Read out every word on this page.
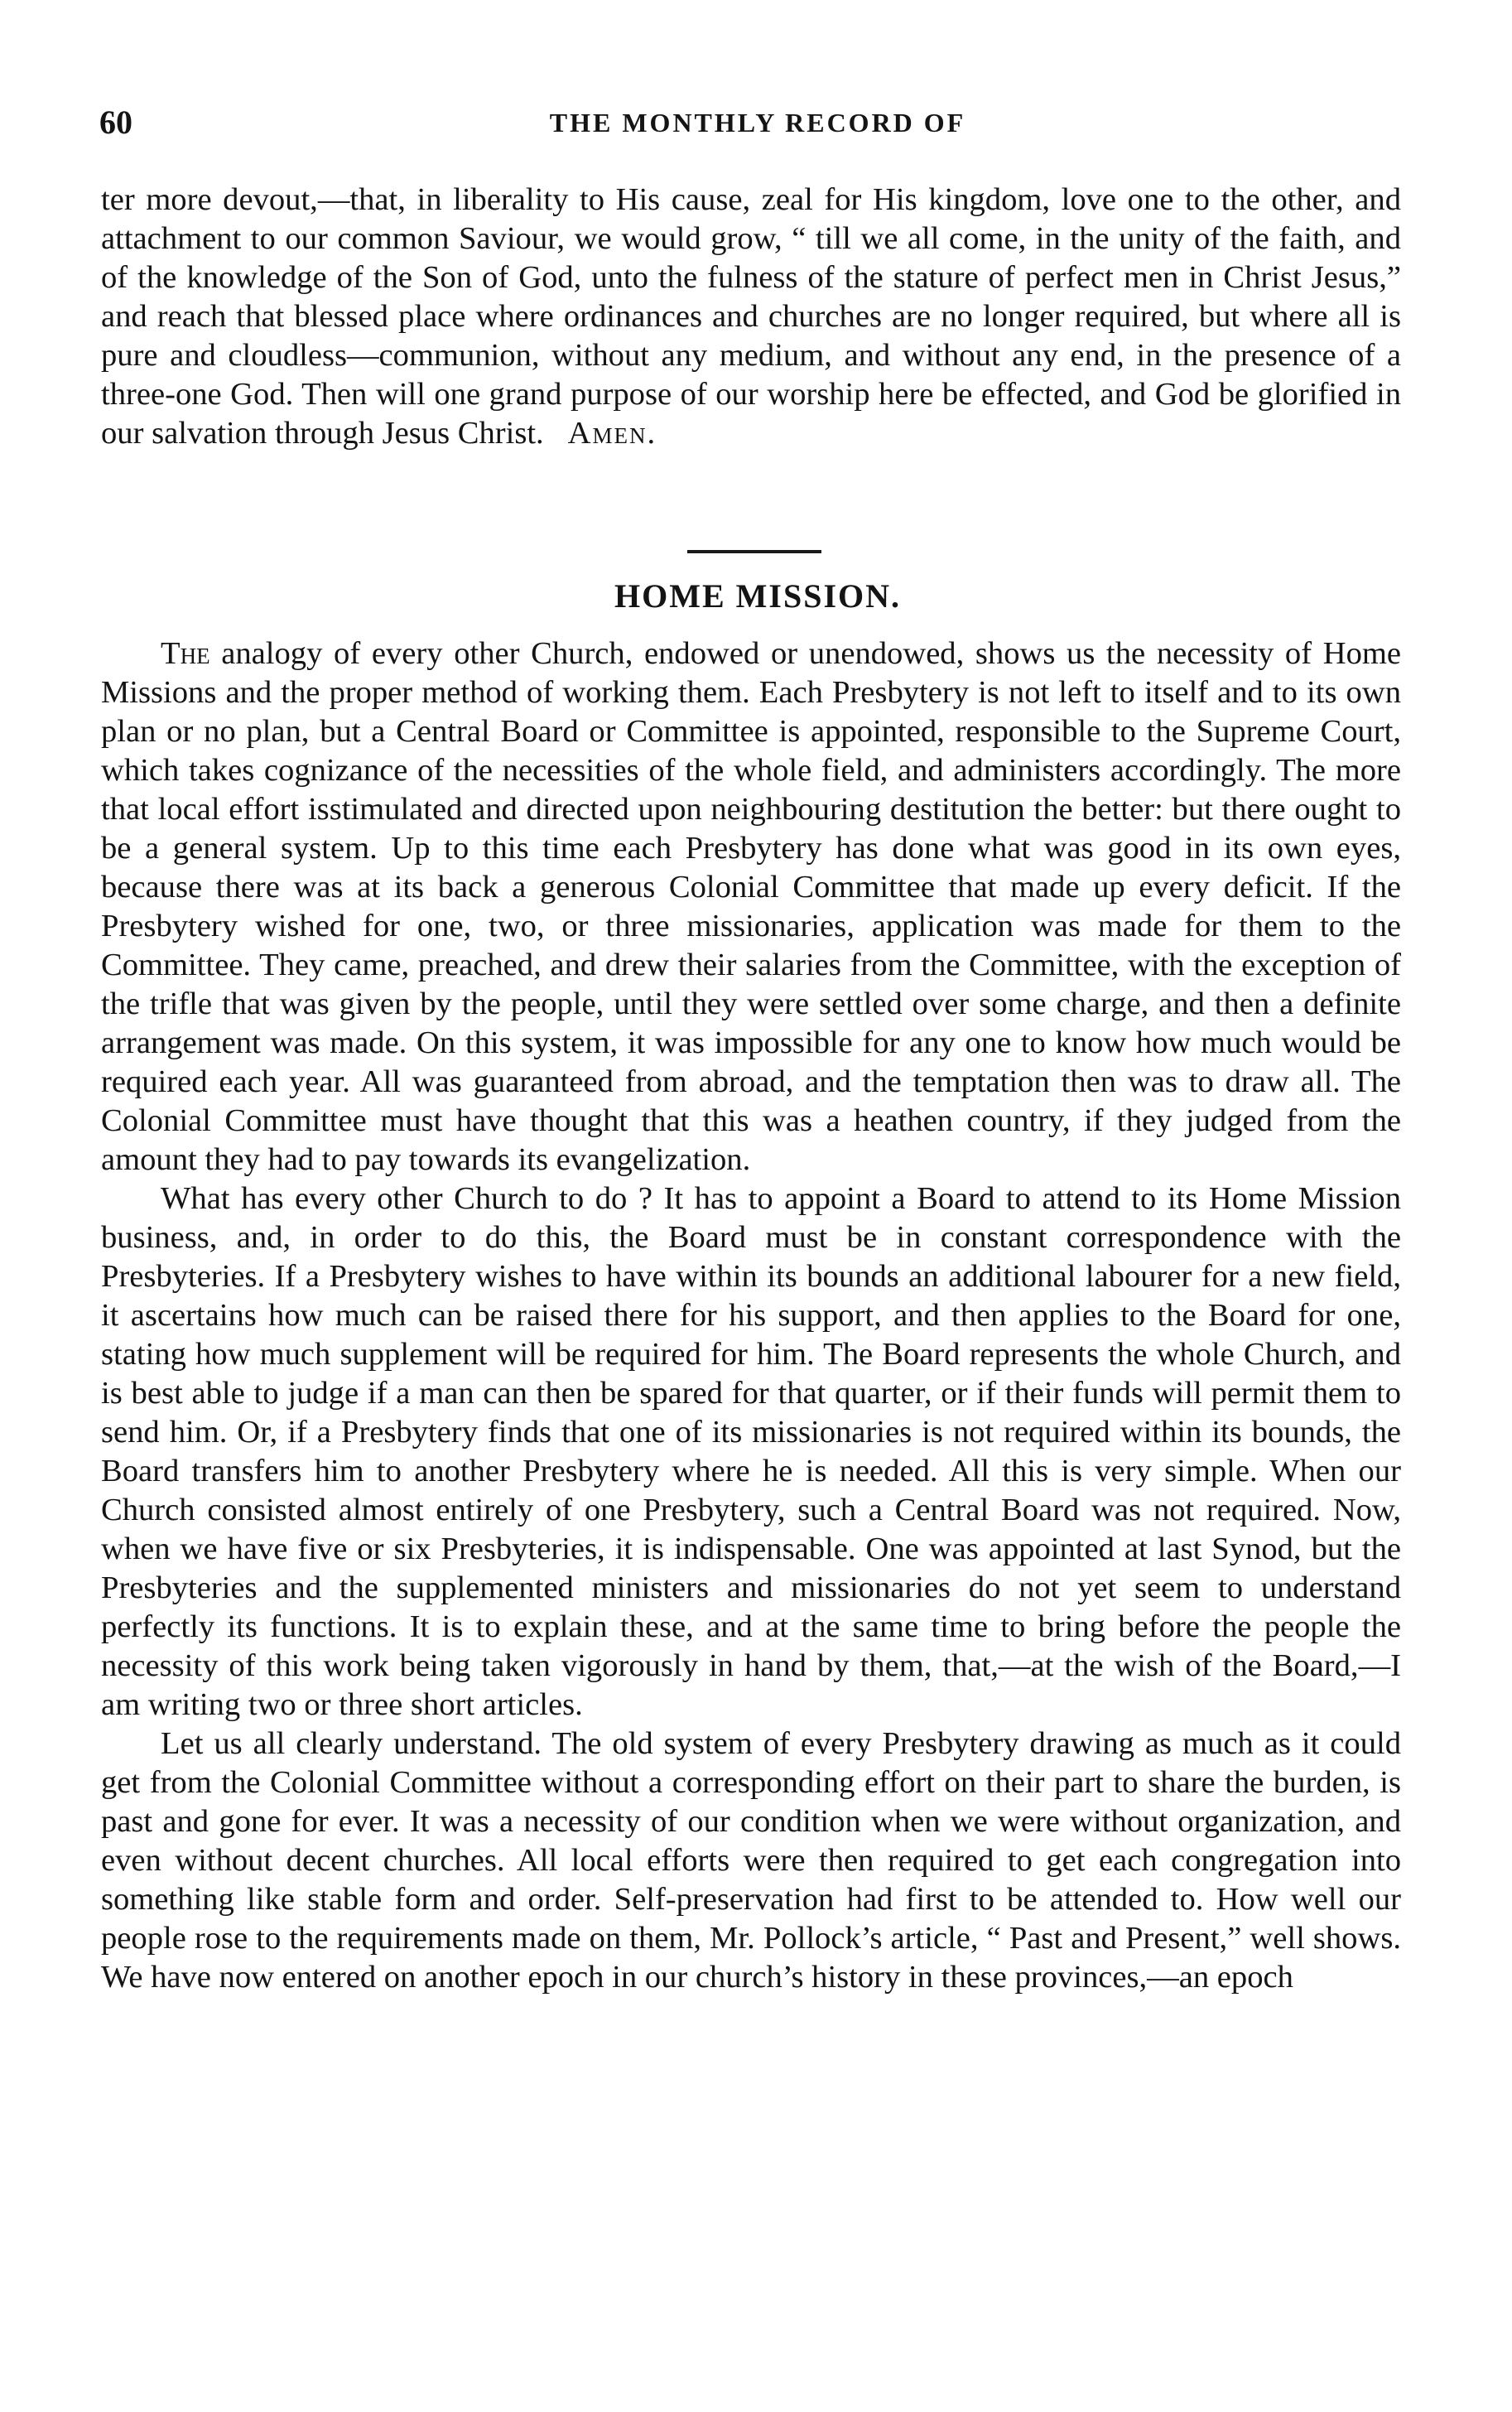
60	THE MONTHLY RECORD OF

ter more devout,—that, in liberality to His cause, zeal for His kingdom, love one to the other, and attachment to our common Saviour, we would grow, “ till we all come, in the unity of the faith, and of the knowledge of the Son of God, unto the fulness of the stature of perfect men in Christ Jesus,” and reach that blessed place where ordinances and churches are no longer required, but where all is pure and cloudless—communion, without any medium, and without any end, in the presence of a three-one God. Then will one grand purpose of our worship here be effected, and God be glorified in our salvation through Jesus Christ. Amen.

HOME MISSION.

The analogy of every other Church, endowed or unendowed, shows us the necessity of Home Missions and the proper method of working them. Each Presbytery is not left to itself and to its own plan or no plan, but a Central Board or Committee is appointed, responsible to the Supreme Court, which takes cognizance of the necessities of the whole field, and administers accordingly. The more that local effort isstimulated and directed upon neighbouring destitution the better: but there ought to be a general system. Up to this time each Presbytery has done what was good in its own eyes, because there was at its back a generous Colonial Committee that made up every deficit. If the Presbytery wished for one, two, or three missionaries, application was made for them to the Committee. They came, preached, and drew their salaries from the Committee, with the exception of the trifle that was given by the people, until they were settled over some charge, and then a definite arrangement was made. On this system, it was impossible for any one to know how much would be required each year. All was guaranteed from abroad, and the temptation then was to draw all. The Colonial Committee must have thought that this was a heathen country, if they judged from the amount they had to pay towards its evangelization.

What has every other Church to do ? It has to appoint a Board to attend to its Home Mission business, and, in order to do this, the Board must be in constant correspondence with the Presbyteries. If a Presbytery wishes to have within its bounds an additional labourer for a new field, it ascertains how much can be raised there for his support, and then applies to the Board for one, stating how much supplement will be required for him. The Board represents the whole Church, and is best able to judge if a man can then be spared for that quarter, or if their funds will permit them to send him. Or, if a Presbytery finds that one of its missionaries is not required within its bounds, the Board transfers him to another Presbytery where he is needed. All this is very simple. When our Church consisted almost entirely of one Presbytery, such a Central Board was not required. Now, when we have five or six Presbyteries, it is indispensable. One was appointed at last Synod, but the Presbyteries and the supplemented ministers and missionaries do not yet seem to understand perfectly its functions. It is to explain these, and at the same time to bring before the people the necessity of this work being taken vigorously in hand by them, that,—at the wish of the Board,—I am writing two or three short articles.

Let us all clearly understand. The old system of every Presbytery drawing as much as it could get from the Colonial Committee without a corresponding effort on their part to share the burden, is past and gone for ever. It was a necessity of our condition when we were without organization, and even without decent churches. All local efforts were then required to get each congregation into something like stable form and order. Self-preservation had first to be attended to. How well our people rose to the requirements made on them, Mr. Pollock’s article, “ Past and Present,” well shows. We have now entered on another epoch in our church’s history in these provinces,—an epoch
